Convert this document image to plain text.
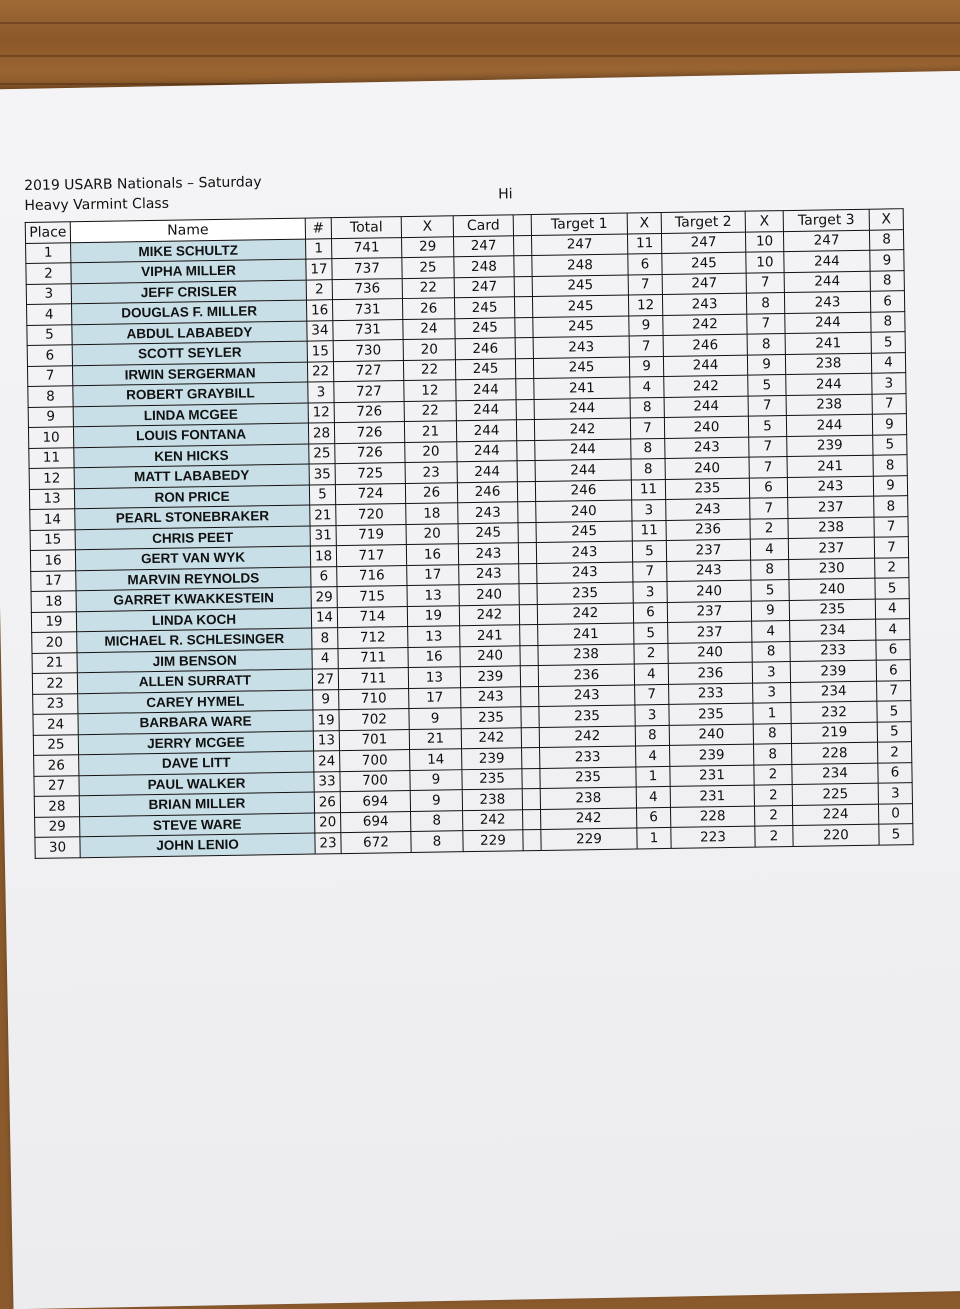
2019 USARB Nationals – Saturday
Heavy Varmint Class
Hi
Place	Name	#	Total	X	Card		Target 1	X	Target 2	X	Target 3	X
1	MIKE SCHULTZ	1	741	29	247		247	11	247	10	247	8
2	VIPHA MILLER	17	737	25	248		248	6	245	10	244	9
3	JEFF CRISLER	2	736	22	247		245	7	247	7	244	8
4	DOUGLAS F. MILLER	16	731	26	245		245	12	243	8	243	6
5	ABDUL LABABEDY	34	731	24	245		245	9	242	7	244	8
6	SCOTT SEYLER	15	730	20	246		243	7	246	8	241	5
7	IRWIN SERGERMAN	22	727	22	245		245	9	244	9	238	4
8	ROBERT GRAYBILL	3	727	12	244		241	4	242	5	244	3
9	LINDA MCGEE	12	726	22	244		244	8	244	7	238	7
10	LOUIS FONTANA	28	726	21	244		242	7	240	5	244	9
11	KEN HICKS	25	726	20	244		244	8	243	7	239	5
12	MATT LABABEDY	35	725	23	244		244	8	240	7	241	8
13	RON PRICE	5	724	26	246		246	11	235	6	243	9
14	PEARL STONEBRAKER	21	720	18	243		240	3	243	7	237	8
15	CHRIS PEET	31	719	20	245		245	11	236	2	238	7
16	GERT VAN WYK	18	717	16	243		243	5	237	4	237	7
17	MARVIN REYNOLDS	6	716	17	243		243	7	243	8	230	2
18	GARRET KWAKKESTEIN	29	715	13	240		235	3	240	5	240	5
19	LINDA KOCH	14	714	19	242		242	6	237	9	235	4
20	MICHAEL R. SCHLESINGER	8	712	13	241		241	5	237	4	234	4
21	JIM BENSON	4	711	16	240		238	2	240	8	233	6
22	ALLEN SURRATT	27	711	13	239		236	4	236	3	239	6
23	CAREY HYMEL	9	710	17	243		243	7	233	3	234	7
24	BARBARA WARE	19	702	9	235		235	3	235	1	232	5
25	JERRY MCGEE	13	701	21	242		242	8	240	8	219	5
26	DAVE LITT	24	700	14	239		233	4	239	8	228	2
27	PAUL WALKER	33	700	9	235		235	1	231	2	234	6
28	BRIAN MILLER	26	694	9	238		238	4	231	2	225	3
29	STEVE WARE	20	694	8	242		242	6	228	2	224	0
30	JOHN LENIO	23	672	8	229		229	1	223	2	220	5
